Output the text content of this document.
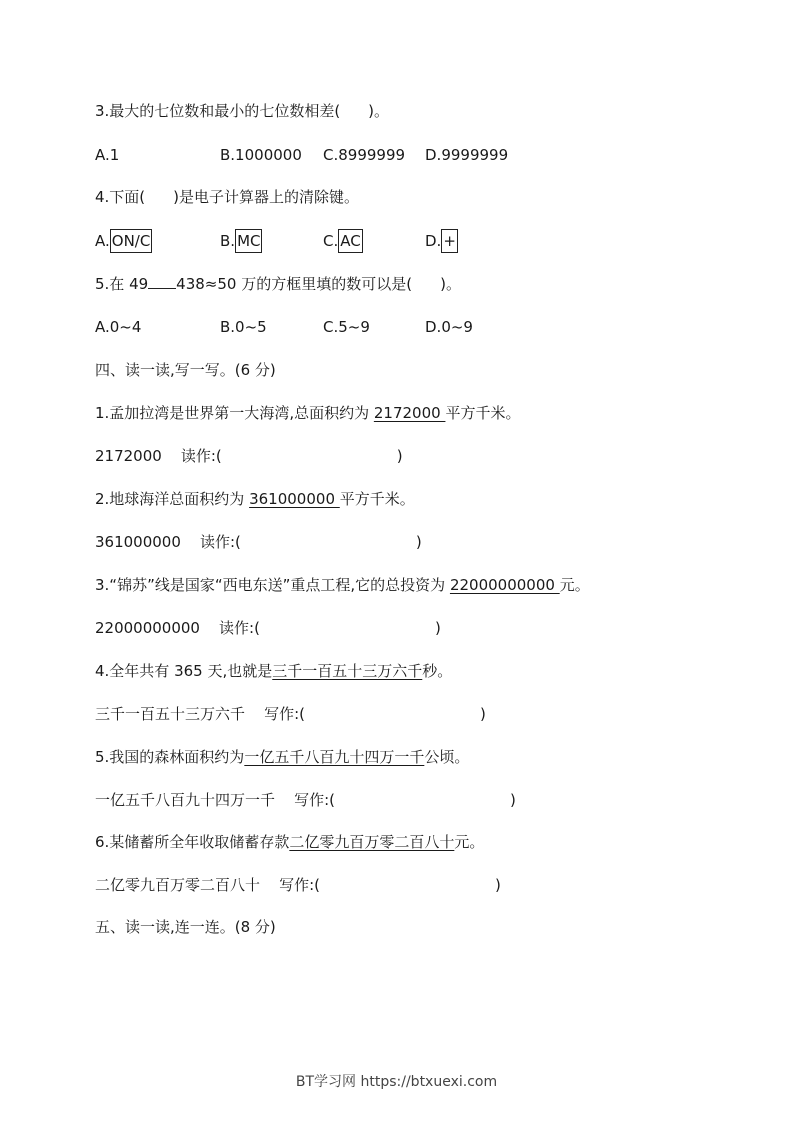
3.最大的七位数和最小的七位数相差( )。
A.1	B.1000000 C.8999999 D.9999999
4.下面( )是电子计算器上的清除键。
A. ON/C	B. MC	C. AC	D. +
5.在 49 438≈50 万的方框里填的数可以是( )。
A.0~4	B.0~5	C.5~9	D.0~9
四、读一读,写一写。(6 分)
1.孟加拉湾是世界第一大海湾,总面积约为 2172000 平方千米。
2172000    读作:(	)
2.地球海洋总面积约为 361000000 平方千米。
361000000    读作:(	)
3.“锦苏”线是国家“西电东送”重点工程,它的总投资为 22000000000 元。
22000000000    读作:(	)
4.全年共有 365 天,也就是三千一百五十三万六千秒。
三千一百五十三万六千    写作:(	)
5.我国的森林面积约为一亿五千八百九十四万一千公顷。
一亿五千八百九十四万一千    写作:(	)
6.某储蓄所全年收取储蓄存款二亿零九百万零二百八十元。
二亿零九百万零二百八十    写作:(	)
五、读一读,连一连。(8 分)
BT学习网 https://btxuexi.com
